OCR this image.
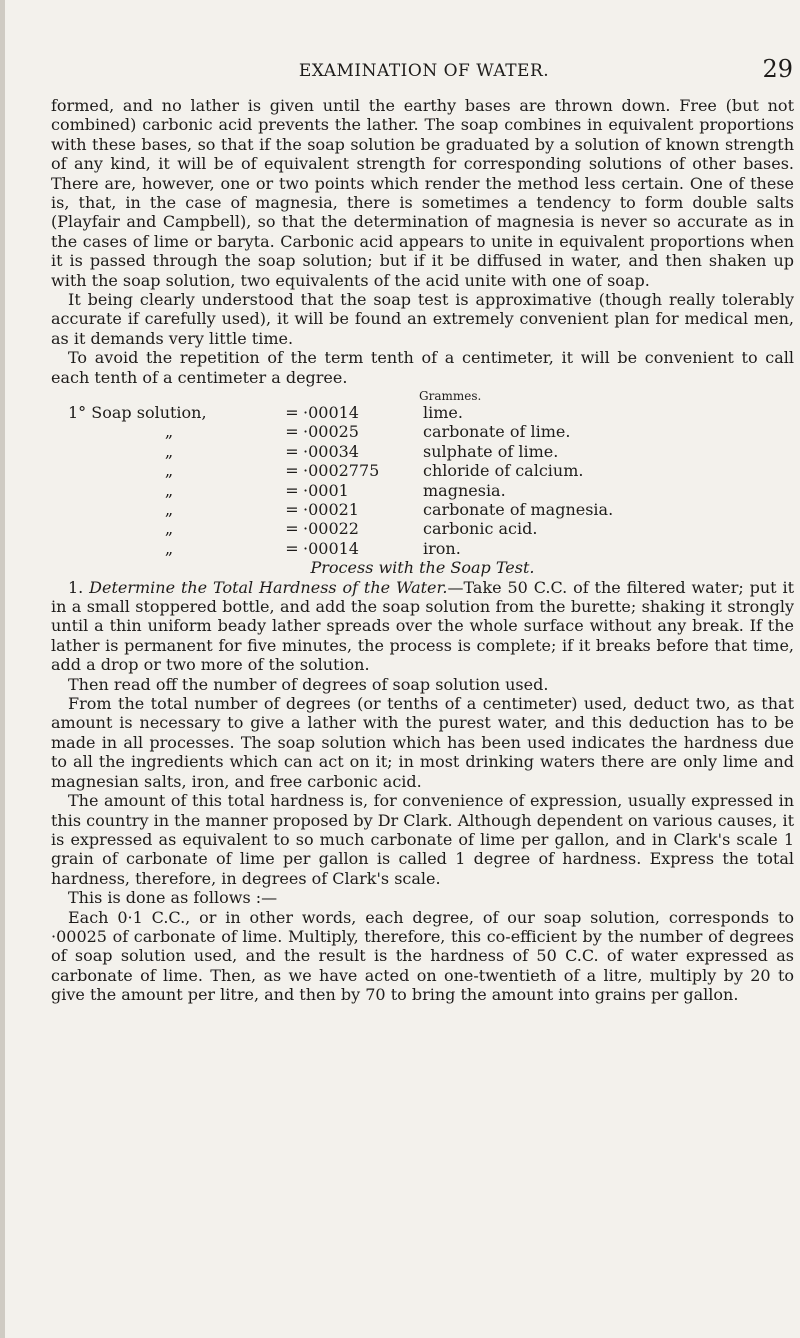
EXAMINATION OF WATER.	29

formed, and no lather is given until the earthy bases are thrown down. Free (but not combined) carbonic acid prevents the lather. The soap combines in equivalent proportions with these bases, so that if the soap solution be graduated by a solution of known strength of any kind, it will be of equivalent strength for corresponding solutions of other bases. There are, however, one or two points which render the method less certain. One of these is, that, in the case of magnesia, there is sometimes a tendency to form double salts (Playfair and Campbell), so that the determination of magnesia is never so accurate as in the cases of lime or baryta. Carbonic acid appears to unite in equivalent proportions when it is passed through the soap solution; but if it be diffused in water, and then shaken up with the soap solution, two equivalents of the acid unite with one of soap.

It being clearly understood that the soap test is approximative (though really tolerably accurate if carefully used), it will be found an extremely convenient plan for medical men, as it demands very little time.

To avoid the repetition of the term tenth of a centimeter, it will be convenient to call each tenth of a centimeter a degree.

Grammes.
1° Soap solution,	= ·00014	lime.
„	= ·00025	carbonate of lime.
„	= ·00034	sulphate of lime.
„	= ·0002775	chloride of calcium.
„	= ·0001	magnesia.
„	= ·00021	carbonate of magnesia.
„	= ·00022	carbonic acid.
„	= ·00014	iron.

Process with the Soap Test.

1. Determine the Total Hardness of the Water.—Take 50 C.C. of the filtered water; put it in a small stoppered bottle, and add the soap solution from the burette; shaking it strongly until a thin uniform beady lather spreads over the whole surface without any break. If the lather is permanent for five minutes, the process is complete; if it breaks before that time, add a drop or two more of the solution.

Then read off the number of degrees of soap solution used.

From the total number of degrees (or tenths of a centimeter) used, deduct two, as that amount is necessary to give a lather with the purest water, and this deduction has to be made in all processes. The soap solution which has been used indicates the hardness due to all the ingredients which can act on it; in most drinking waters there are only lime and magnesian salts, iron, and free carbonic acid.

The amount of this total hardness is, for convenience of expression, usually expressed in this country in the manner proposed by Dr Clark. Although dependent on various causes, it is expressed as equivalent to so much carbonate of lime per gallon, and in Clark's scale 1 grain of carbonate of lime per gallon is called 1 degree of hardness. Express the total hardness, therefore, in degrees of Clark's scale.

This is done as follows :—

Each 0·1 C.C., or in other words, each degree, of our soap solution, corresponds to ·00025 of carbonate of lime. Multiply, therefore, this co-efficient by the number of degrees of soap solution used, and the result is the hardness of 50 C.C. of water expressed as carbonate of lime. Then, as we have acted on one-twentieth of a litre, multiply by 20 to give the amount per litre, and then by 70 to bring the amount into grains per gallon.
